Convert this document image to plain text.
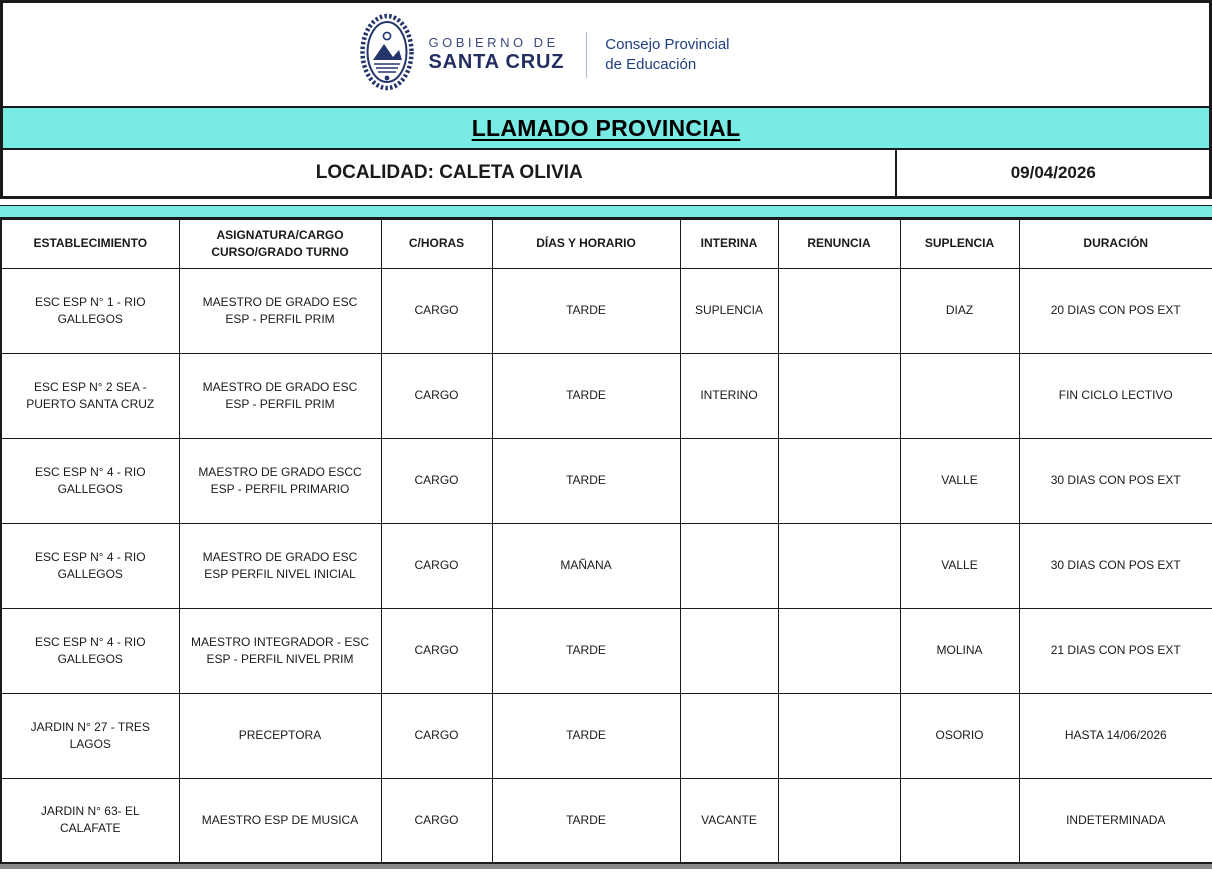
GOBIERNO DE
SANTA CRUZ
Consejo Provincial
de Educación
LLAMADO PROVINCIAL
LOCALIDAD: CALETA OLIVIA	09/04/2026
ESTABLECIMIENTO	ASIGNATURA/CARGO CURSO/GRADO TURNO	C/HORAS	DÍAS Y HORARIO	INTERINA	RENUNCIA	SUPLENCIA	DURACIÓN
ESC ESP N° 1 - RIO GALLEGOS	MAESTRO DE GRADO ESC ESP - PERFIL PRIM	CARGO	TARDE	SUPLENCIA		DIAZ	20 DIAS CON POS EXT
ESC ESP N° 2 SEA - PUERTO SANTA CRUZ	MAESTRO DE GRADO ESC ESP - PERFIL PRIM	CARGO	TARDE	INTERINO			FIN CICLO LECTIVO
ESC ESP N° 4 - RIO GALLEGOS	MAESTRO DE GRADO ESCC ESP - PERFIL PRIMARIO	CARGO	TARDE			VALLE	30 DIAS CON POS EXT
ESC ESP N° 4 - RIO GALLEGOS	MAESTRO DE GRADO ESC ESP PERFIL NIVEL INICIAL	CARGO	MAÑANA			VALLE	30 DIAS CON POS EXT
ESC ESP N° 4 - RIO GALLEGOS	MAESTRO INTEGRADOR - ESC ESP - PERFIL NIVEL PRIM	CARGO	TARDE			MOLINA	21 DIAS CON POS EXT
JARDIN N° 27 - TRES LAGOS	PRECEPTORA	CARGO	TARDE			OSORIO	HASTA 14/06/2026
JARDIN N° 63- EL CALAFATE	MAESTRO ESP DE MUSICA	CARGO	TARDE	VACANTE			INDETERMINADA
